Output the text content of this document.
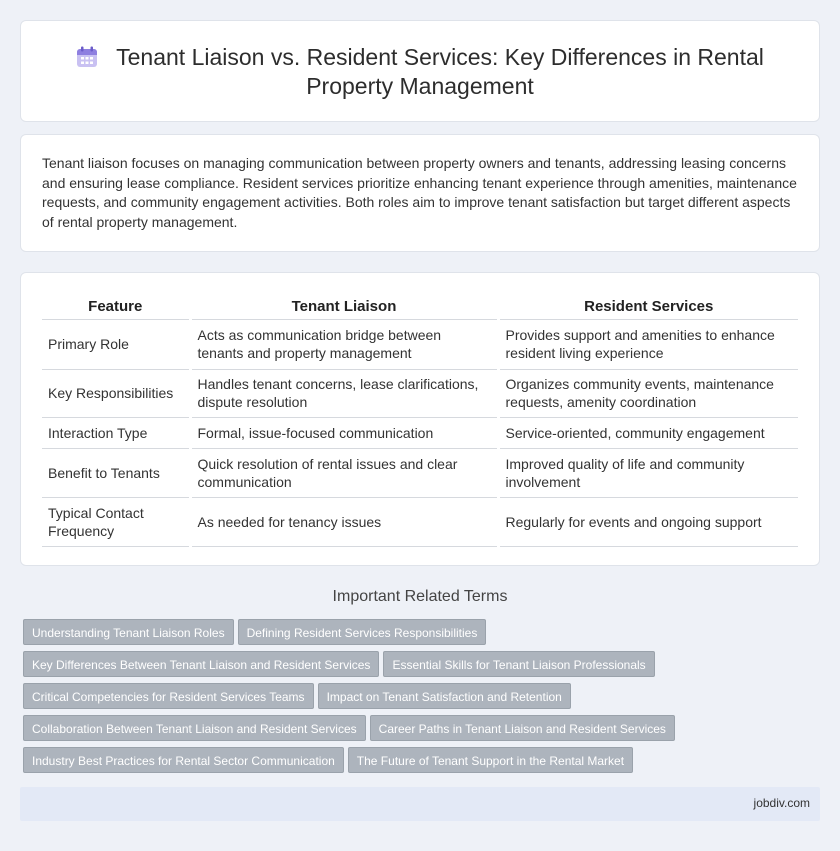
Tenant Liaison vs. Resident Services: Key Differences in Rental Property Management

Tenant liaison focuses on managing communication between property owners and tenants, addressing leasing concerns and ensuring lease compliance. Resident services prioritize enhancing tenant experience through amenities, maintenance requests, and community engagement activities. Both roles aim to improve tenant satisfaction but target different aspects of rental property management.

Feature	Tenant Liaison	Resident Services
Primary Role	Acts as communication bridge between tenants and property management	Provides support and amenities to enhance resident living experience
Key Responsibilities	Handles tenant concerns, lease clarifications, dispute resolution	Organizes community events, maintenance requests, amenity coordination
Interaction Type	Formal, issue-focused communication	Service-oriented, community engagement
Benefit to Tenants	Quick resolution of rental issues and clear communication	Improved quality of life and community involvement
Typical Contact Frequency	As needed for tenancy issues	Regularly for events and ongoing support
Important Related Terms
Understanding Tenant Liaison Roles Defining Resident Services Responsibilities
Key Differences Between Tenant Liaison and Resident Services Essential Skills for Tenant Liaison Professionals
Critical Competencies for Resident Services Teams Impact on Tenant Satisfaction and Retention
Collaboration Between Tenant Liaison and Resident Services Career Paths in Tenant Liaison and Resident Services
Industry Best Practices for Rental Sector Communication The Future of Tenant Support in the Rental Market
jobdiv.com
